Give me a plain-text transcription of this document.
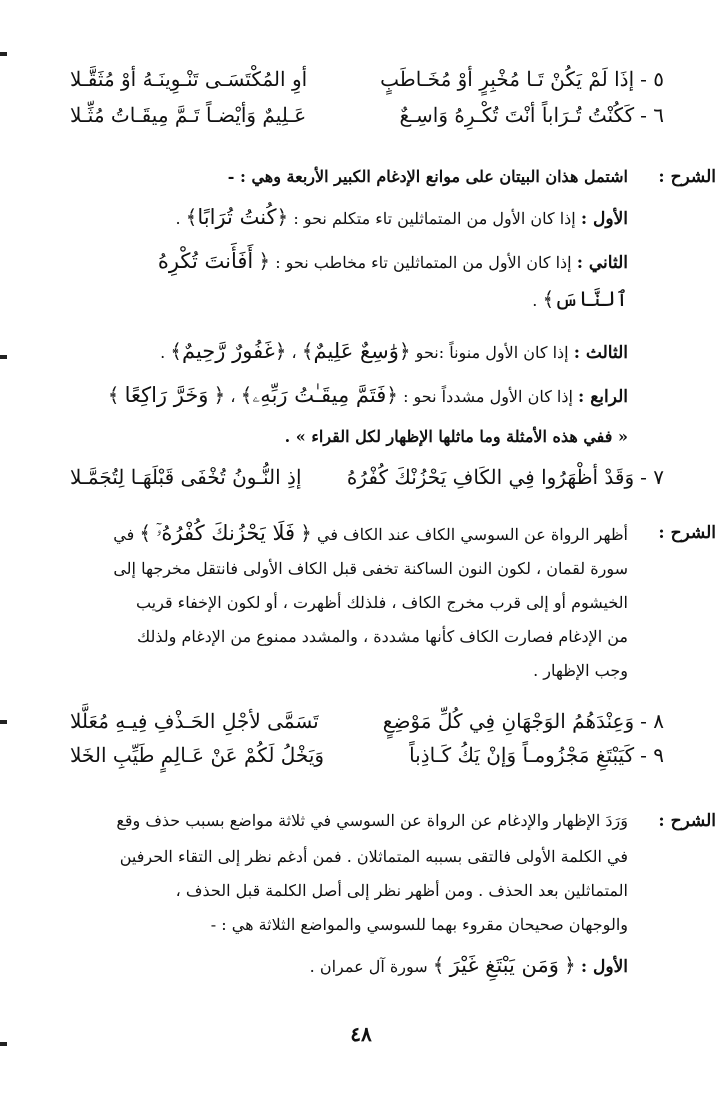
٥ -إذَا لَمْ يَكُنْ تَـا مُخْبِرٍ أوْ مُخَـاطَبٍ
أوِ المُكْتَسَـى تَنْـوِينَـهُ أوْ مُثَقَّـلا
٦ -كَكُنْتُ تُـرَاباً أنْتَ تُكْـرِهُ وَاسِـعٌ
عَـلِيمٌ وَأيْضـاً تَـمَّ مِيقَـاتُ مُثِّـلا
الشرح :
اشتمل هذان البيتان على موانع الإدغام الكبير الأربعة وهي : -
الأول : إذا كان الأول من المتماثلين تاء متكلم نحو : ﴿كُنتُ تُرَابًا﴾ .
الثاني : إذا كان الأول من المتماثلين تاء مخاطب نحو : ﴿ أَفَأَنتَ تُكْرِهُ
ٱلنَّاسَ﴾ .
الثالث : إذا كان الأول منوناً :نحو ﴿وَٰسِعٌ عَلِيمٌ﴾ ، ﴿غَفُورٌ رَّحِيمٌ﴾ .
الرابع : إذا كان الأول مشدداً نحو : ﴿فَتَمَّ مِيقَـٰتُ رَبِّهِۦ﴾ ، ﴿ وَخَرَّ رَاكِعًا ﴾
« ففي هذه الأمثلة وما ماثلها الإظهار لكل القراء » .
٧ -وَقَدْ أظْهَرُوا فِي الكَافِ يَحْزُنْكَ كُفْرُهُ
إذِ النُّـونُ تُخْفَى قَبْلَهَـا لِتُجَمَّـلا
الشرح :
أظهر الرواة عن السوسي الكاف عند الكاف في ﴿ فَلَا يَحْزُنكَ كُفْرُهُۥٓ ﴾ في
سورة لقمان ، لكون النون الساكنة تخفى قبل الكاف الأولى فانتقل مخرجها إلى
الخيشوم أو إلى قرب مخرج الكاف ، فلذلك أظهرت ، أو لكون الإخفاء قريب
من الإدغام فصارت الكاف كأنها مشددة ، والمشدد ممنوع من الإدغام ولذلك
وجب الإظهار .
٨ -وَعِنْدَهُمُ الوَجْهَانِ فِي كُلِّ مَوْضِعٍ
تَسَمَّى لأجْلِ الحَـذْفِ فِيـهِ مُعَلَّلا
٩ -كَيَبْتَغِ مَجْزُومـاً وَإنْ يَكُ كَـاذِباً
وَيَخْلُ لَكُمْ عَنْ عَـالِمٍ طَيِّبِ الخَلا
الشرح :
وَرَدَ الإظهار والإدغام عن الرواة عن السوسي في ثلاثة مواضع بسبب حذف وقع
في الكلمة الأولى فالتقى بسببه المتماثلان . فمن أدغم نظر إلى التقاء الحرفين
المتماثلين بعد الحذف . ومن أظهر نظر إلى أصل الكلمة قبل الحذف ،
والوجهان صحيحان مقروء بهما للسوسي والمواضع الثلاثة هي : -
الأول : ﴿ وَمَن يَبْتَغِ غَيْرَ ﴾ سورة آل عمران .
٤٨
